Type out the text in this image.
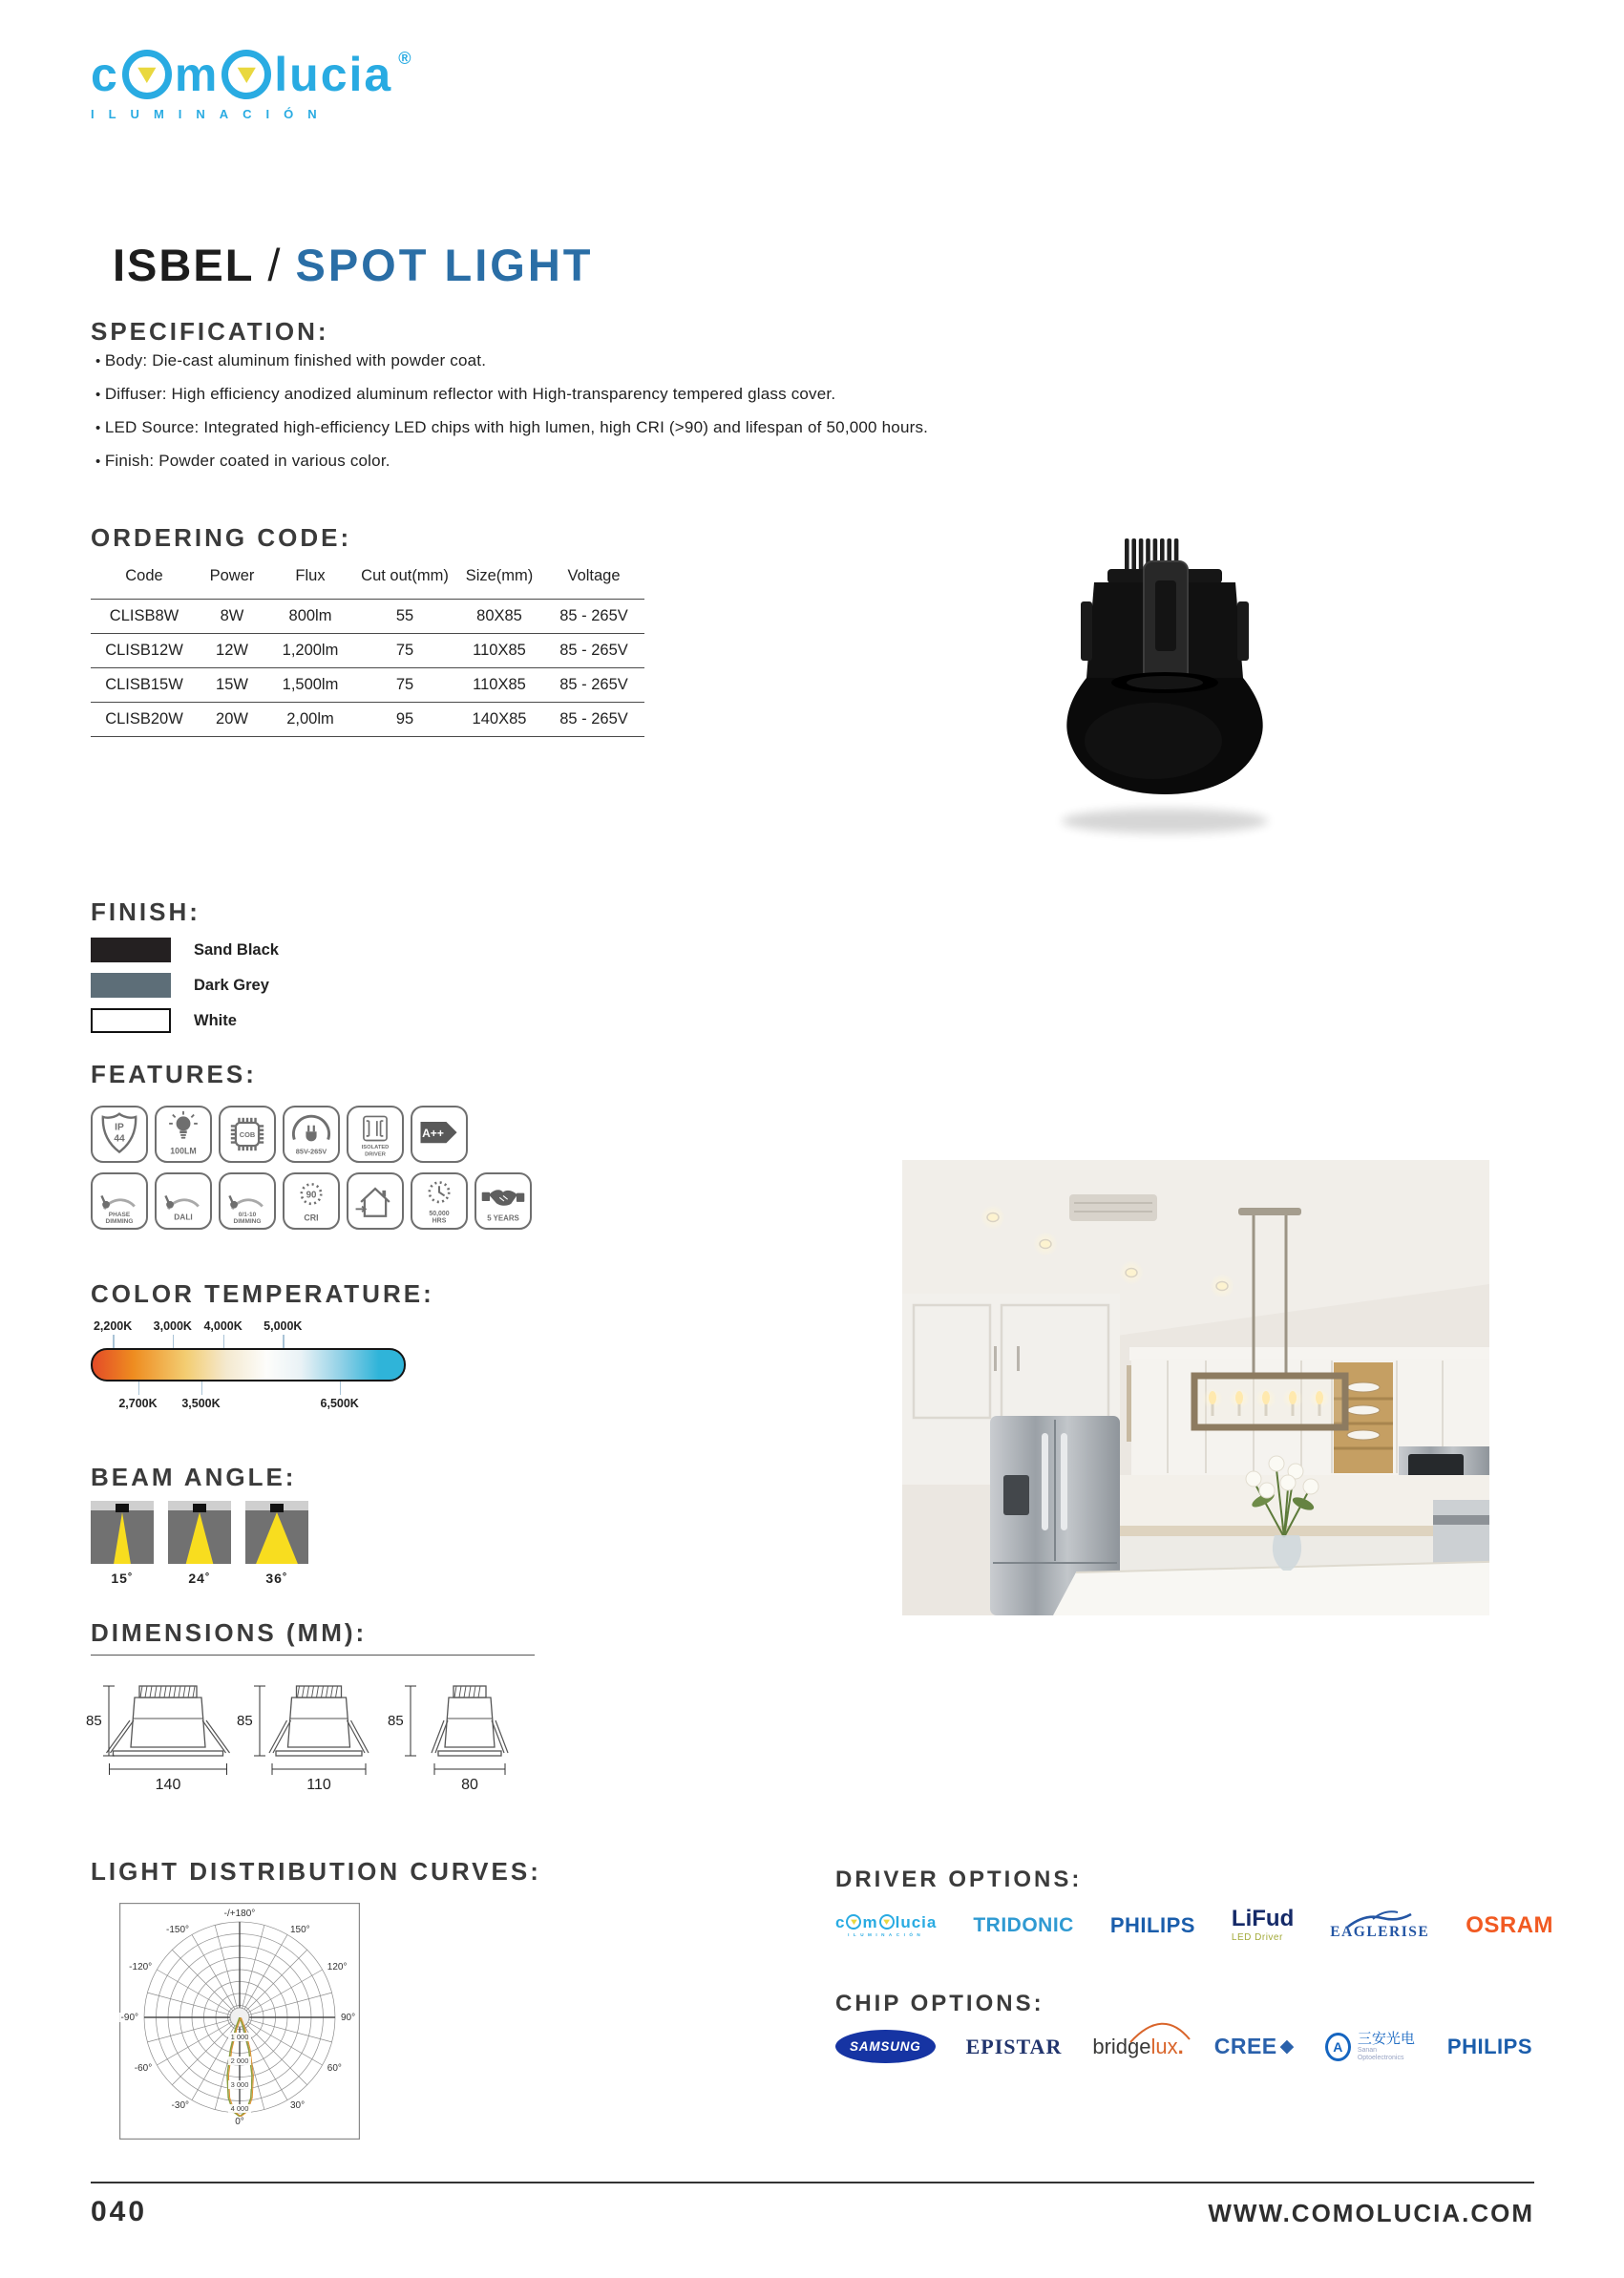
c m lucia ®
ILUMINACIÓN
ISBEL / SPOT LIGHT
SPECIFICATION:
• Body: Die-cast aluminum finished with powder coat.
• Diffuser: High efficiency anodized aluminum reflector with High-transparency tempered glass cover.
• LED Source: Integrated high-efficiency LED chips with high lumen, high CRI (>90) and lifespan of 50,000 hours.
• Finish: Powder coated in various color.
ORDERING CODE:
Code	Power	Flux	Cut out(mm)	Size(mm)	Voltage
CLISB8W	8W	800lm	55	80X85	85 - 265V
CLISB12W	12W	1,200lm	75	110X85	85 - 265V
CLISB15W	15W	1,500lm	75	110X85	85 - 265V
CLISB20W	20W	2,00lm	95	140X85	85 - 265V
FINISH:
Sand Black
Dark Grey
White
FEATURES:
IP
44
100LM
COB
85V-265V	ISOLATED
DRIVER
A++
PHASE
DIMMING
DALI	0/1-10
DIMMING
90
CRI	50,000
HRS	5 YEARS
COLOR TEMPERATURE:
2,200K 3,000K 4,000K 5,000K
2,700K 3,500K	6,500K
BEAM ANGLE:
15˚	24˚	36˚
DIMENSIONS (MM):
85
140
85
110
85
80
LIGHT DISTRIBUTION CURVES:
1 000
2 000
3 000
4 000
-/+180°
-150°	150°
-120°	120°
-90°	90°
-60°	60°
-30°	30°
0°
DRIVER OPTIONS:
c m lucia
ILUMINACIÓN TRIDONIC PHILIPS LiFud
LED Driver	EAGLERISE OSRAM
CHIP OPTIONS:
SAMSUNG	EPISTAR bridgelux. CREE ◆	A	三安光电
Sanan Optoelectronics
PHILIPS
040	WWW.COMOLUCIA.COM
